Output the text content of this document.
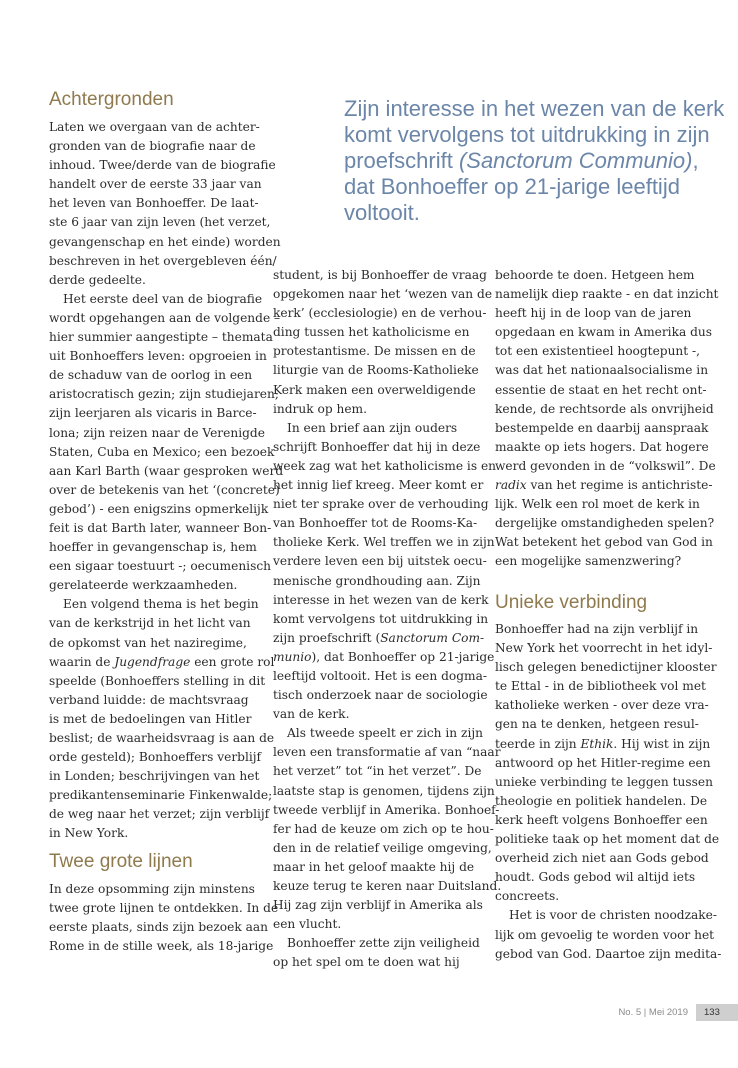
Achtergronden
Twee grote lijnen
Unieke verbinding
Zijn interesse in het wezen van de kerk
komt vervolgens tot uitdrukking in zijn
proefschrift (Sanctorum Communio),
dat Bonhoeffer op 21-jarige leeftijd
voltooit.
Laten we overgaan van de achter-
gronden van de biografie naar de
inhoud. Twee/derde van de biografie
handelt over de eerste 33 jaar van
het leven van Bonhoeffer. De laat-
ste 6 jaar van zijn leven (het verzet,
gevangenschap en het einde) worden
beschreven in het overgebleven één/
derde gedeelte.
Het eerste deel van de biografie
wordt opgehangen aan de volgende –
hier summier aangestipte – themata
uit Bonhoeffers leven: opgroeien in
de schaduw van de oorlog in een
aristocratisch gezin; zijn studiejaren;
zijn leerjaren als vicaris in Barce-
lona; zijn reizen naar de Verenigde
Staten, Cuba en Mexico; een bezoek
aan Karl Barth (waar gesproken werd
over de betekenis van het ‘(concrete)
gebod’) - een enigszins opmerkelijk
feit is dat Barth later, wanneer Bon-
hoeffer in gevangenschap is, hem
een sigaar toestuurt -; oecumenisch
gerelateerde werkzaamheden.
Een volgend thema is het begin
van de kerkstrijd in het licht van
de opkomst van het naziregime,
waarin de Jugendfrage een grote rol
speelde (Bonhoeffers stelling in dit
verband luidde: de machtsvraag
is met de bedoelingen van Hitler
beslist; de waarheidsvraag is aan de
orde gesteld); Bonhoeffers verblijf
in Londen; beschrijvingen van het
predikantenseminarie Finkenwalde;
de weg naar het verzet; zijn verblijf
in New York.
In deze opsomming zijn minstens
twee grote lijnen te ontdekken. In de
eerste plaats, sinds zijn bezoek aan
Rome in de stille week, als 18-jarige
student, is bij Bonhoeffer de vraag
opgekomen naar het ‘wezen van de
kerk’ (ecclesiologie) en de verhou-
ding tussen het katholicisme en
protestantisme. De missen en de
liturgie van de Rooms-Katholieke
Kerk maken een overweldigende
indruk op hem.
In een brief aan zijn ouders
schrijft Bonhoeffer dat hij in deze
week zag wat het katholicisme is en
het innig lief kreeg. Meer komt er
niet ter sprake over de verhouding
van Bonhoeffer tot de Rooms-Ka-
tholieke Kerk. Wel treffen we in zijn
verdere leven een bij uitstek oecu-
menische grondhouding aan. Zijn
interesse in het wezen van de kerk
komt vervolgens tot uitdrukking in
zijn proefschrift (Sanctorum Com-
munio), dat Bonhoeffer op 21-jarige
leeftijd voltooit. Het is een dogma-
tisch onderzoek naar de sociologie
van de kerk.
Als tweede speelt er zich in zijn
leven een transformatie af van “naar
het verzet” tot “in het verzet”. De
laatste stap is genomen, tijdens zijn
tweede verblijf in Amerika. Bonhoef-
fer had de keuze om zich op te hou-
den in de relatief veilige omgeving,
maar in het geloof maakte hij de
keuze terug te keren naar Duitsland.
Hij zag zijn verblijf in Amerika als
een vlucht.
Bonhoeffer zette zijn veiligheid
op het spel om te doen wat hij
behoorde te doen. Hetgeen hem
namelijk diep raakte - en dat inzicht
heeft hij in de loop van de jaren
opgedaan en kwam in Amerika dus
tot een existentieel hoogtepunt -,
was dat het nationaalsocialisme in
essentie de staat en het recht ont-
kende, de rechtsorde als onvrijheid
bestempelde en daarbij aanspraak
maakte op iets hogers. Dat hogere
werd gevonden in de “volkswil”. De
radix van het regime is antichriste-
lijk. Welk een rol moet de kerk in
dergelijke omstandigheden spelen?
Wat betekent het gebod van God in
een mogelijke samenzwering?
Bonhoeffer had na zijn verblijf in
New York het voorrecht in het idyl-
lisch gelegen benedictijner klooster
te Ettal - in de bibliotheek vol met
katholieke werken - over deze vra-
gen na te denken, hetgeen resul-
teerde in zijn Ethik. Hij wist in zijn
antwoord op het Hitler-regime een
unieke verbinding te leggen tussen
theologie en politiek handelen. De
kerk heeft volgens Bonhoeffer een
politieke taak op het moment dat de
overheid zich niet aan Gods gebod
houdt. Gods gebod wil altijd iets
concreets.
Het is voor de christen noodzake-
lijk om gevoelig te worden voor het
gebod van God. Daartoe zijn medita-
No. 5 | Mei 2019	133
